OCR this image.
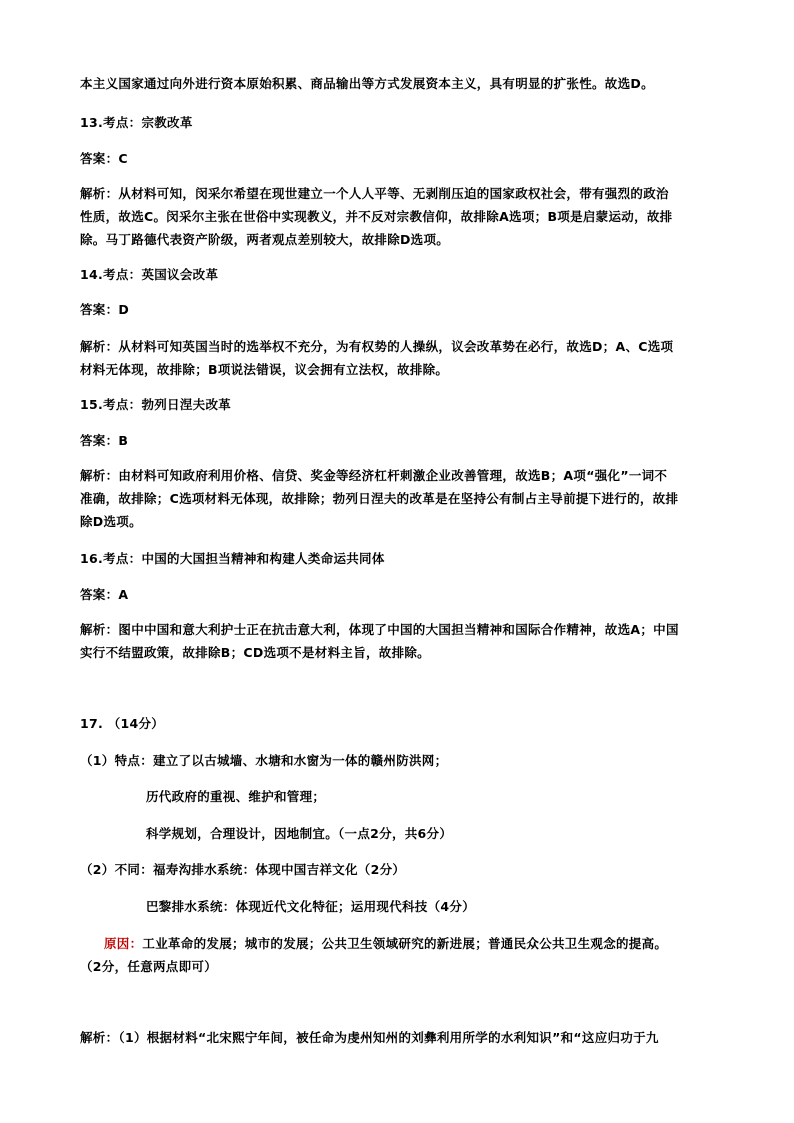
本主义国家通过向外进行资本原始积累、商品输出等方式发展资本主义，具有明显的扩张性。故选D。
13.考点：宗教改革
答案：C
解析：从材料可知，闵采尔希望在现世建立一个人人平等、无剥削压迫的国家政权社会，带有强烈的政治
性质，故选C。闵采尔主张在世俗中实现教义，并不反对宗教信仰，故排除A选项；B项是启蒙运动，故排
除。马丁路德代表资产阶级，两者观点差别较大，故排除D选项。
14.考点：英国议会改革
答案：D
解析：从材料可知英国当时的选举权不充分，为有权势的人操纵，议会改革势在必行，故选D；A、C选项
材料无体现，故排除；B项说法错误，议会拥有立法权，故排除。
15.考点：勃列日涅夫改革
答案：B
解析：由材料可知政府利用价格、信贷、奖金等经济杠杆刺激企业改善管理，故选B；A项“强化”一词不
准确，故排除；C选项材料无体现，故排除；勃列日涅夫的改革是在坚持公有制占主导前提下进行的，故排
除D选项。
16.考点：中国的大国担当精神和构建人类命运共同体
答案：A
解析：图中中国和意大利护士正在抗击意大利，体现了中国的大国担当精神和国际合作精神，故选A；中国
实行不结盟政策，故排除B；CD选项不是材料主旨，故排除。
17. （14分）
（1）特点：建立了以古城墙、水塘和水窗为一体的赣州防洪网；
历代政府的重视、维护和管理；
科学规划，合理设计，因地制宜。（一点2分，共6分）
（2）不同：福寿沟排水系统：体现中国吉祥文化（2分）
巴黎排水系统：体现近代文化特征；运用现代科技（4分）
原因：工业革命的发展；城市的发展；公共卫生领域研究的新进展；普通民众公共卫生观念的提高。
（2分，任意两点即可）
解析：（1）根据材料“北宋熙宁年间，被任命为虔州知州的刘彝利用所学的水利知识”和“这应归功于九
